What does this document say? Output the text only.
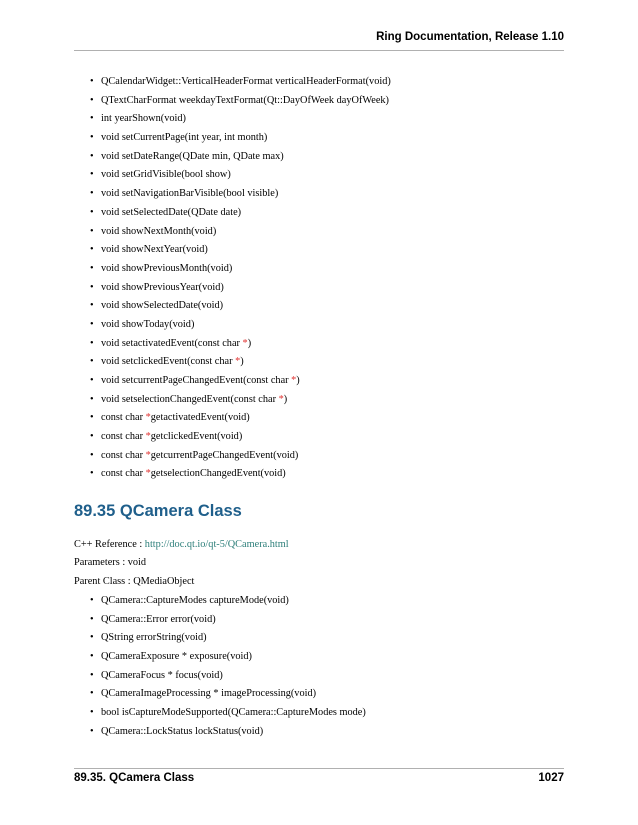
Ring Documentation, Release 1.10
• QCalendarWidget::VerticalHeaderFormat verticalHeaderFormat(void)
• QTextCharFormat weekdayTextFormat(Qt::DayOfWeek dayOfWeek)
• int yearShown(void)
• void setCurrentPage(int year, int month)
• void setDateRange(QDate min, QDate max)
• void setGridVisible(bool show)
• void setNavigationBarVisible(bool visible)
• void setSelectedDate(QDate date)
• void showNextMonth(void)
• void showNextYear(void)
• void showPreviousMonth(void)
• void showPreviousYear(void)
• void showSelectedDate(void)
• void showToday(void)
• void setactivatedEvent(const char *)
• void setclickedEvent(const char *)
• void setcurrentPageChangedEvent(const char *)
• void setselectionChangedEvent(const char *)
• const char *getactivatedEvent(void)
• const char *getclickedEvent(void)
• const char *getcurrentPageChangedEvent(void)
• const char *getselectionChangedEvent(void)
89.35 QCamera Class

C++ Reference : http://doc.qt.io/qt-5/QCamera.html

Parameters : void

Parent Class : QMediaObject

• QCamera::CaptureModes captureMode(void)
• QCamera::Error error(void)
• QString errorString(void)
• QCameraExposure * exposure(void)
• QCameraFocus * focus(void)
• QCameraImageProcessing * imageProcessing(void)
• bool isCaptureModeSupported(QCamera::CaptureModes mode)
• QCamera::LockStatus lockStatus(void)
89.35. QCamera Class	1027
